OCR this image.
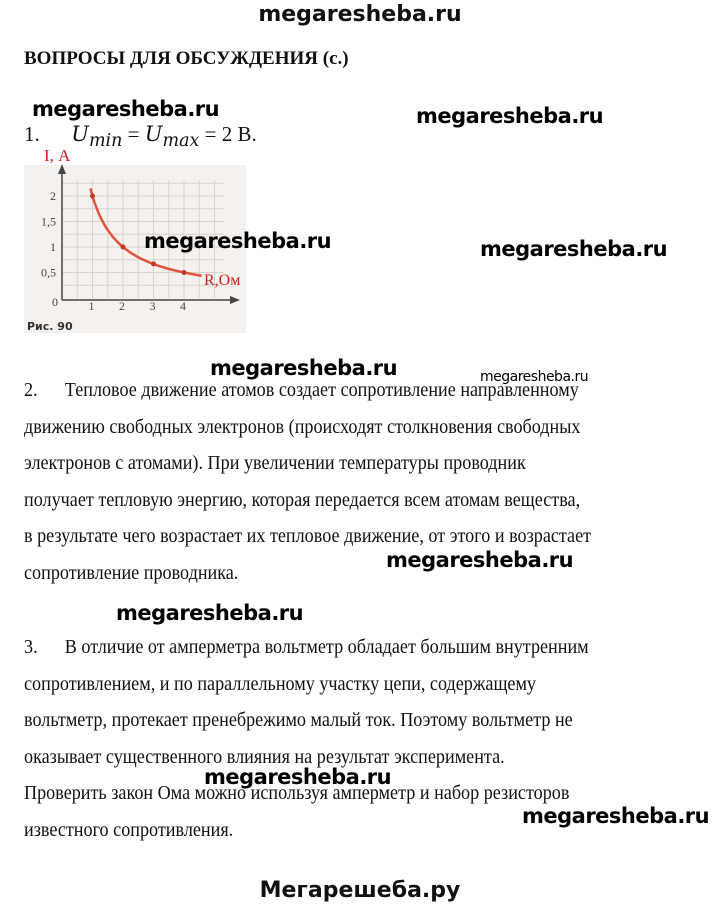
megaresheba.ru
ВОПРОСЫ ДЛЯ ОБСУЖДЕНИЯ (с.)
1. $U_{min} = U_{max} = 2$ В.
1 2 3 4
0,5
1
1,5
2
I, А
R,Ом
0
Рис. 90
2.      Тепловое движение атомов создает сопротивление направленному
движению свободных электронов (происходят столкновения свободных
электронов с атомами). При увеличении температуры проводник
получает тепловую энергию, которая передается всем атомам вещества,
в результате чего возрастает их тепловое движение, от этого и возрастает
сопротивление проводника.
3.      В отличие от амперметра вольтметр обладает большим внутренним
сопротивлением, и по параллельному участку цепи, содержащему
вольтметр, протекает пренебрежимо малый ток. Поэтому вольтметр не
оказывает существенного влияния на результат эксперимента.
Проверить закон Ома можно используя амперметр и набор резисторов
известного сопротивления.
megaresheba.ru	megaresheba.ru
megaresheba.ru	megaresheba.ru
megaresheba.ru	megaresheba.ru
megaresheba.ru
megaresheba.ru
megaresheba.ru
megaresheba.ru
Мегарешеба.ру
